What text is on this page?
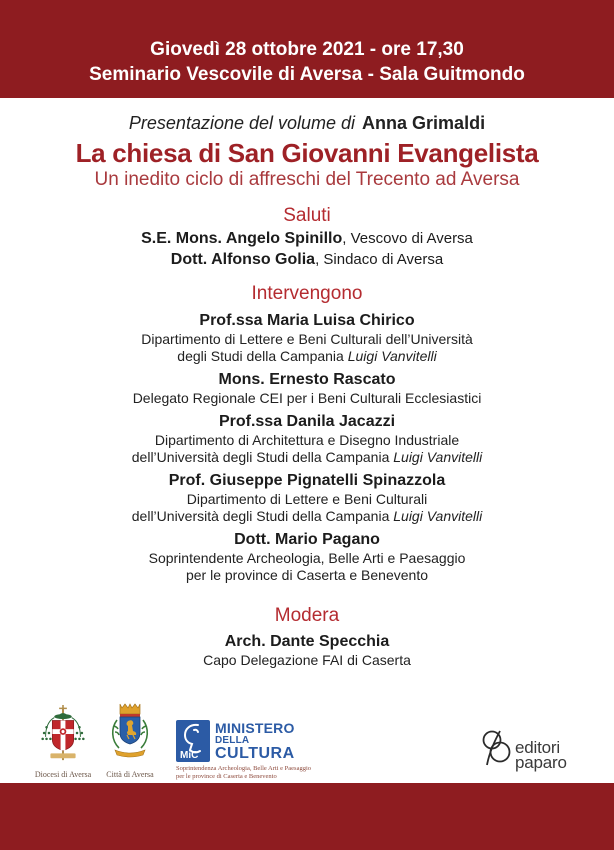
Giovedì 28 ottobre 2021 - ore 17,30
Seminario Vescovile di Aversa - Sala Guitmondo
Presentazione del volume di Anna Grimaldi
La chiesa di San Giovanni Evangelista
Un inedito ciclo di affreschi del Trecento ad Aversa
Saluti
S.E. Mons. Angelo Spinillo, Vescovo di Aversa
Dott. Alfonso Golia, Sindaco di Aversa
Intervengono
Prof.ssa Maria Luisa Chirico
Dipartimento di Lettere e Beni Culturali dell’Università
degli Studi della Campania Luigi Vanvitelli
Mons. Ernesto Rascato
Delegato Regionale CEI per i Beni Culturali Ecclesiastici
Prof.ssa Danila Jacazzi
Dipartimento di Architettura e Disegno Industriale
dell’Università degli Studi della Campania Luigi Vanvitelli
Prof. Giuseppe Pignatelli Spinazzola
Dipartimento di Lettere e Beni Culturali
dell’Università degli Studi della Campania Luigi Vanvitelli
Dott. Mario Pagano
Soprintendente Archeologia, Belle Arti e Paesaggio
per le province di Caserta e Benevento
Modera
Arch. Dante Specchia
Capo Delegazione FAI di Caserta
Diocesi di Aversa	Città di Aversa
MiC
MINISTERO
DELLA
CULTURA
Soprintendenza Archeologia, Belle Arti e Paesaggio
per le province di Caserta e Benevento
editori
paparo
